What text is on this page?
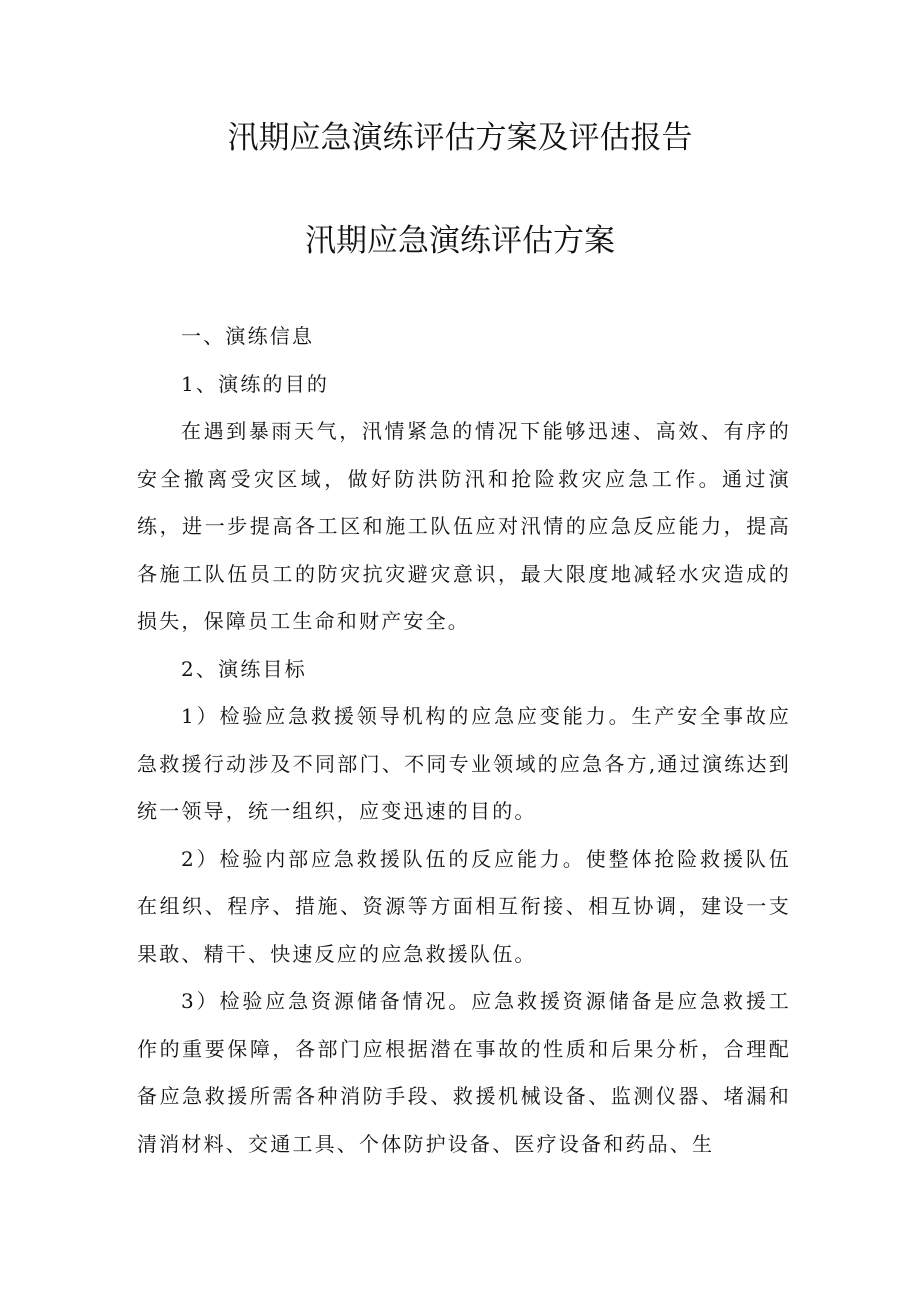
汛期应急演练评估方案及评估报告
汛期应急演练评估方案

一、演练信息

1、演练的目的

在遇到暴雨天气，汛情紧急的情况下能够迅速、高效、有序的安全撤离受灾区域，做好防洪防汛和抢险救灾应急工作。通过演练，进一步提高各工区和施工队伍应对汛情的应急反应能力，提高各施工队伍员工的防灾抗灾避灾意识，最大限度地减轻水灾造成的损失，保障员工生命和财产安全。

2、演练目标

1）检验应急救援领导机构的应急应变能力。生产安全事故应急救援行动涉及不同部门、不同专业领域的应急各方,通过演练达到统一领导，统一组织，应变迅速的目的。

2）检验内部应急救援队伍的反应能力。使整体抢险救援队伍在组织、程序、措施、资源等方面相互衔接、相互协调，建设一支果敢、精干、快速反应的应急救援队伍。

3）检验应急资源储备情况。应急救援资源储备是应急救援工作的重要保障，各部门应根据潜在事故的性质和后果分析，合理配备应急救援所需各种消防手段、救援机械设备、监测仪器、堵漏和清消材料、交通工具、个体防护设备、医疗设备和药品、生
